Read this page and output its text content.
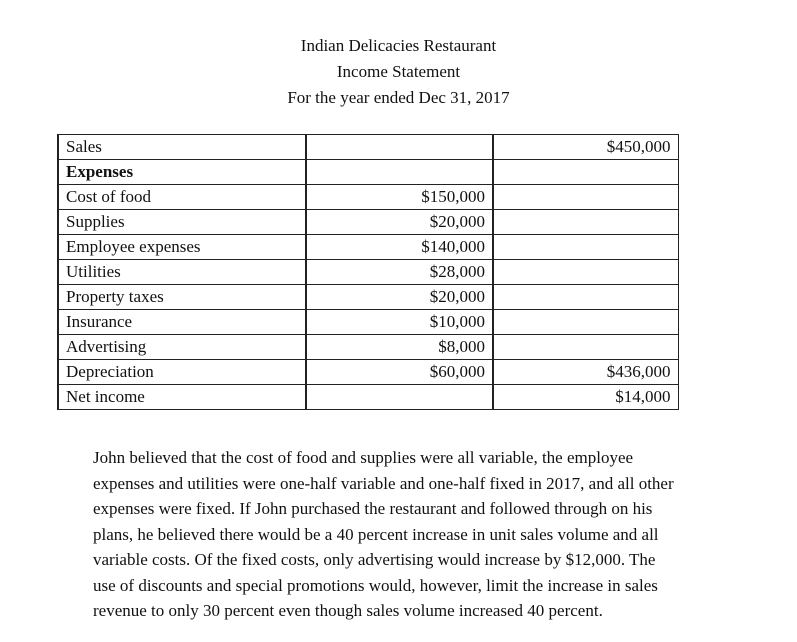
Indian Delicacies Restaurant
Income Statement
For the year ended Dec 31, 2017
Sales		$450,000
Expenses		
Cost of food	$150,000	
Supplies	$20,000	
Employee expenses	$140,000	
Utilities	$28,000	
Property taxes	$20,000	
Insurance	$10,000	
Advertising	$8,000	
Depreciation	$60,000	$436,000
Net income		$14,000
John believed that the cost of food and supplies were all variable, the employee
expenses and utilities were one-half variable and one-half fixed in 2017, and all other
expenses were fixed. If John purchased the restaurant and followed through on his
plans, he believed there would be a 40 percent increase in unit sales volume and all
variable costs. Of the fixed costs, only advertising would increase by $12,000. The
use of discounts and special promotions would, however, limit the increase in sales
revenue to only 30 percent even though sales volume increased 40 percent.
